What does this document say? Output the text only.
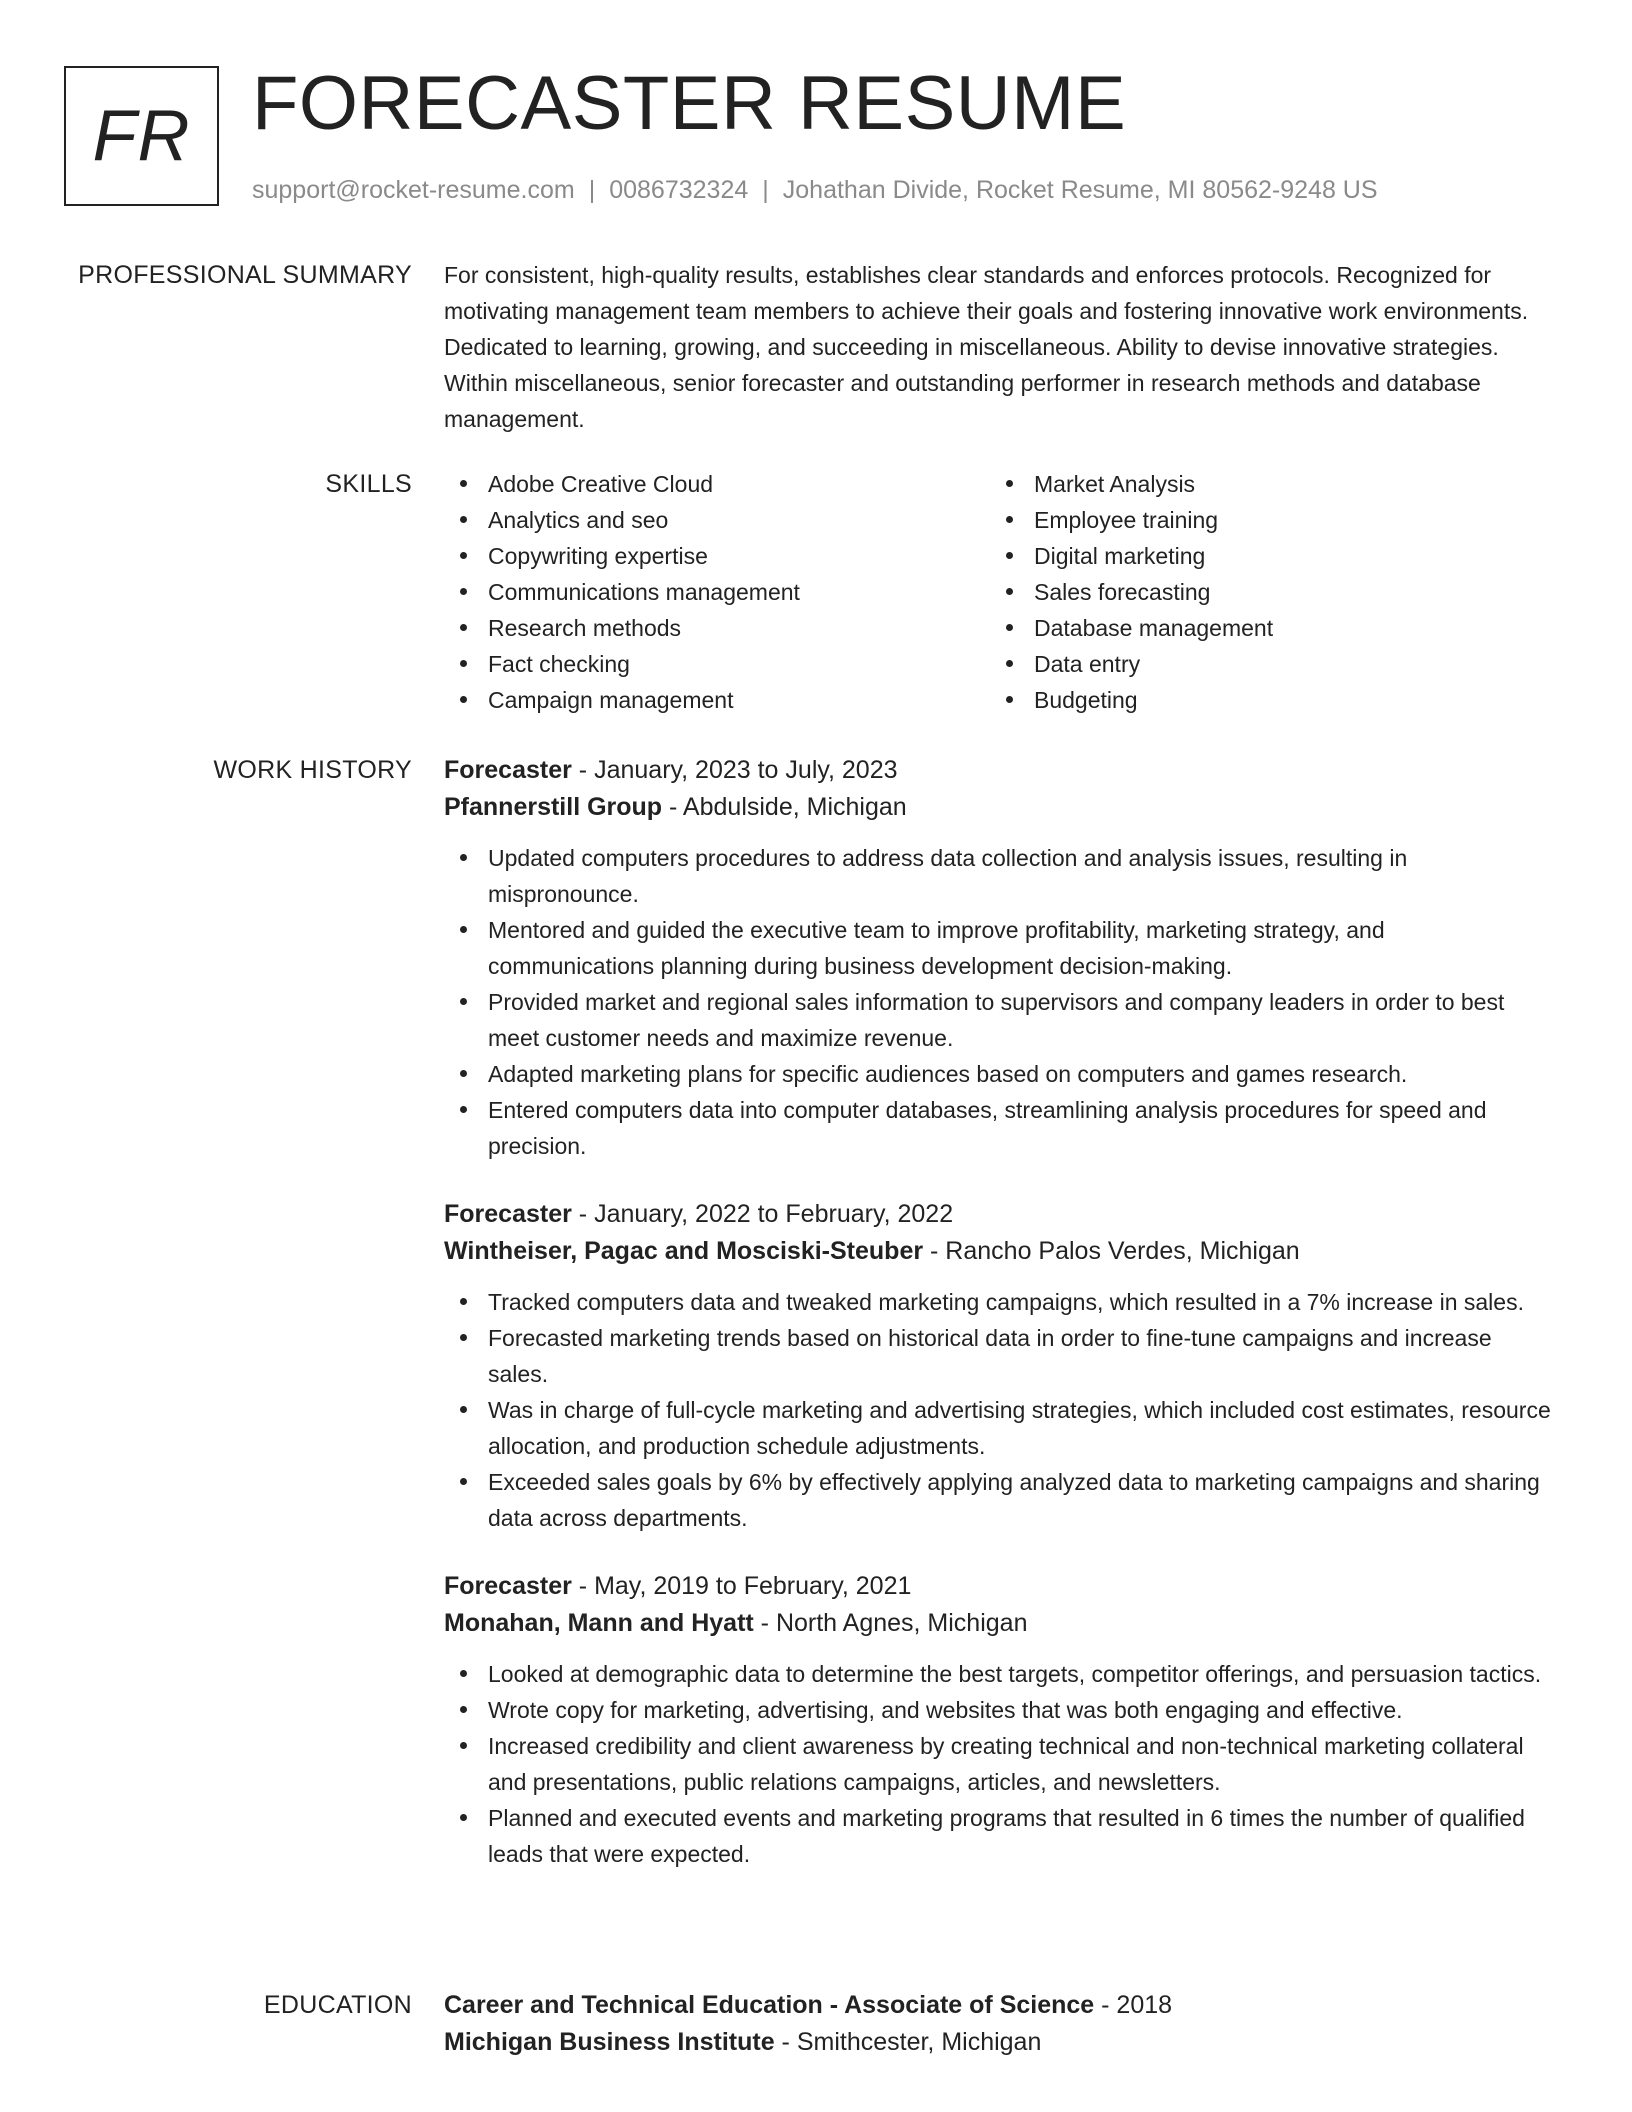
FR FORECASTER RESUME
support@rocket-resume.com | 0086732324 | Johathan Divide, Rocket Resume, MI 80562-9248 US
PROFESSIONAL SUMMARY For consistent, high-quality results, establishes clear standards and enforces protocols. Recognized for motivating management team members to achieve their goals and fostering innovative work environments. Dedicated to learning, growing, and succeeding in miscellaneous. Ability to devise innovative strategies. Within miscellaneous, senior forecaster and outstanding performer in research methods and database management.

SKILLS	Adobe Creative Cloud
Analytics and seo
Copywriting expertise
Communications management
Research methods
Fact checking
Campaign management
Market Analysis
Employee training
Digital marketing
Sales forecasting
Database management
Data entry
Budgeting
WORK HISTORY Forecaster - January, 2023 to July, 2023
Pfannerstill Group - Abdulside, Michigan
Updated computers procedures to address data collection and analysis issues, resulting in mispronounce.
Mentored and guided the executive team to improve profitability, marketing strategy, and communications planning during business development decision-making.
Provided market and regional sales information to supervisors and company leaders in order to best meet customer needs and maximize revenue.
Adapted marketing plans for specific audiences based on computers and games research.
Entered computers data into computer databases, streamlining analysis procedures for speed and precision.
Forecaster - January, 2022 to February, 2022
Wintheiser, Pagac and Mosciski-Steuber - Rancho Palos Verdes, Michigan
Tracked computers data and tweaked marketing campaigns, which resulted in a 7% increase in sales.
Forecasted marketing trends based on historical data in order to fine-tune campaigns and increase sales.
Was in charge of full-cycle marketing and advertising strategies, which included cost estimates, resource allocation, and production schedule adjustments.
Exceeded sales goals by 6% by effectively applying analyzed data to marketing campaigns and sharing data across departments.
Forecaster - May, 2019 to February, 2021
Monahan, Mann and Hyatt - North Agnes, Michigan
Looked at demographic data to determine the best targets, competitor offerings, and persuasion tactics.
Wrote copy for marketing, advertising, and websites that was both engaging and effective.
Increased credibility and client awareness by creating technical and non-technical marketing collateral and presentations, public relations campaigns, articles, and newsletters.
Planned and executed events and marketing programs that resulted in 6 times the number of qualified leads that were expected.
EDUCATION Career and Technical Education - Associate of Science - 2018
Michigan Business Institute - Smithcester, Michigan
